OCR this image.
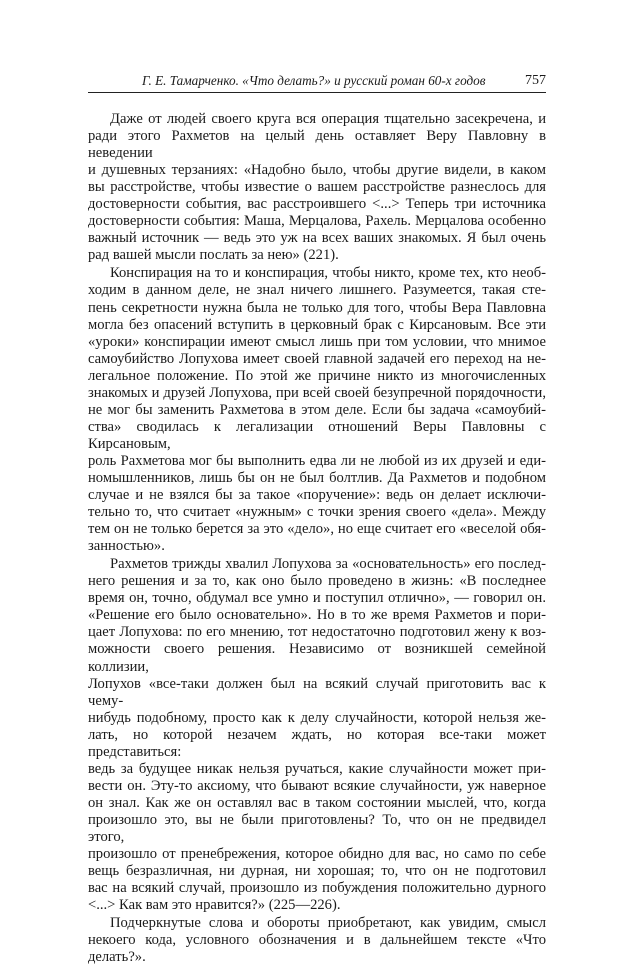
Г. Е. Тамарченко. «Что делать?» и русский роман 60-х годов	757

Даже от людей своего круга вся операция тщательно засекречена, и
ради этого Рахметов на целый день оставляет Веру Павловну в неведении
и душевных терзаниях: «Надобно было, чтобы другие видели, в каком
вы расстройстве, чтобы известие о вашем расстройстве разнеслось для
достоверности события, вас расстроившего <...> Теперь три источника
достоверности события: Маша, Мерцалова, Рахель. Мерцалова особенно
важный источник — ведь это уж на всех ваших знакомых. Я был очень
рад вашей мысли послать за нею» (221).

Конспирация на то и конспирация, чтобы никто, кроме тех, кто необ-
ходим в данном деле, не знал ничего лишнего. Разумеется, такая сте-
пень секретности нужна была не только для того, чтобы Вера Павловна
могла без опасений вступить в церковный брак с Кирсановым. Все эти
«уроки» конспирации имеют смысл лишь при том условии, что мнимое
самоубийство Лопухова имеет своей главной задачей его переход на не-
легальное положение. По этой же причине никто из многочисленных
знакомых и друзей Лопухова, при всей своей безупречной порядочности,
не мог бы заменить Рахметова в этом деле. Если бы задача «самоубий-
ства» сводилась к легализации отношений Веры Павловны с Кирсановым,
роль Рахметова мог бы выполнить едва ли не любой из их друзей и еди-
номышленников, лишь бы он не был болтлив. Да Рахметов и подобном
случае и не взялся бы за такое «поручение»: ведь он делает исключи-
тельно то, что считает «нужным» с точки зрения своего «дела». Между
тем он не только берется за это «дело», но еще считает его «веселой обя-
занностью».

Рахметов трижды хвалил Лопухова за «основательность» его послед-
него решения и за то, как оно было проведено в жизнь: «В последнее
время он, точно, обдумал все умно и поступил отлично», — говорил он.
«Решение его было основательно». Но в то же время Рахметов и пори-
цает Лопухова: по его мнению, тот недостаточно подготовил жену к воз-
можности своего решения. Независимо от возникшей семейной коллизии,
Лопухов «все-таки должен был на всякий случай приготовить вас к чему-
нибудь подобному, просто как к делу случайности, которой нельзя же-
лать, но которой незачем ждать, но которая все-таки может представиться:
ведь за будущее никак нельзя ручаться, какие случайности может при-
вести он. Эту-то аксиому, что бывают всякие случайности, уж наверное
он знал. Как же он оставлял вас в таком состоянии мыслей, что, когда
произошло это, вы не были приготовлены? То, что он не предвидел этого,
произошло от пренебрежения, которое обидно для вас, но само по себе
вещь безразличная, ни дурная, ни хорошая; то, что он не подготовил
вас на всякий случай, произошло из побуждения положительно дурного
<...> Как вам это нравится?» (225—226).

Подчеркнутые слова и обороты приобретают, как увидим, смысл
некоего кода, условного обозначения и в дальнейшем тексте «Что
делать?».
